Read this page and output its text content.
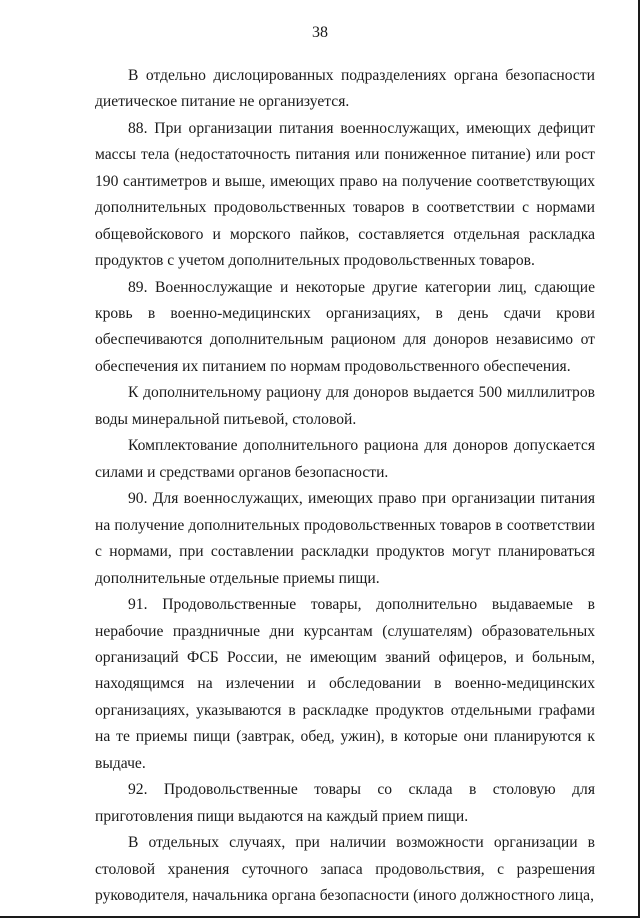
38

В отдельно дислоцированных подразделениях органа безопасности диетическое питание не организуется.

88. При организации питания военнослужащих, имеющих дефицит массы тела (недостаточность питания или пониженное питание) или рост 190 сантиметров и выше, имеющих право на получение соответствующих дополнительных продовольственных товаров в соответствии с нормами общевойскового и морского пайков, составляется отдельная раскладка продуктов с учетом дополнительных продовольственных товаров.

89. Военнослужащие и некоторые другие категории лиц, сдающие кровь в военно-медицинских организациях, в день сдачи крови обеспечиваются дополнительным рационом для доноров независимо от обеспечения их питанием по нормам продовольственного обеспечения.

К дополнительному рациону для доноров выдается 500 миллилитров воды минеральной питьевой, столовой.

Комплектование дополнительного рациона для доноров допускается силами и средствами органов безопасности.

90. Для военнослужащих, имеющих право при организации питания на получение дополнительных продовольственных товаров в соответствии с нормами, при составлении раскладки продуктов могут планироваться дополнительные отдельные приемы пищи.

91. Продовольственные товары, дополнительно выдаваемые в нерабочие праздничные дни курсантам (слушателям) образовательных организаций ФСБ России, не имеющим званий офицеров, и больным, находящимся на излечении и обследовании в военно-медицинских организациях, указываются в раскладке продуктов отдельными графами на те приемы пищи (завтрак, обед, ужин), в которые они планируются к выдаче.

92. Продовольственные товары со склада в столовую для приготовления пищи выдаются на каждый прием пищи.

В отдельных случаях, при наличии возможности организации в столовой хранения суточного запаса продовольствия, с разрешения руководителя, начальника органа безопасности (иного должностного лица,
